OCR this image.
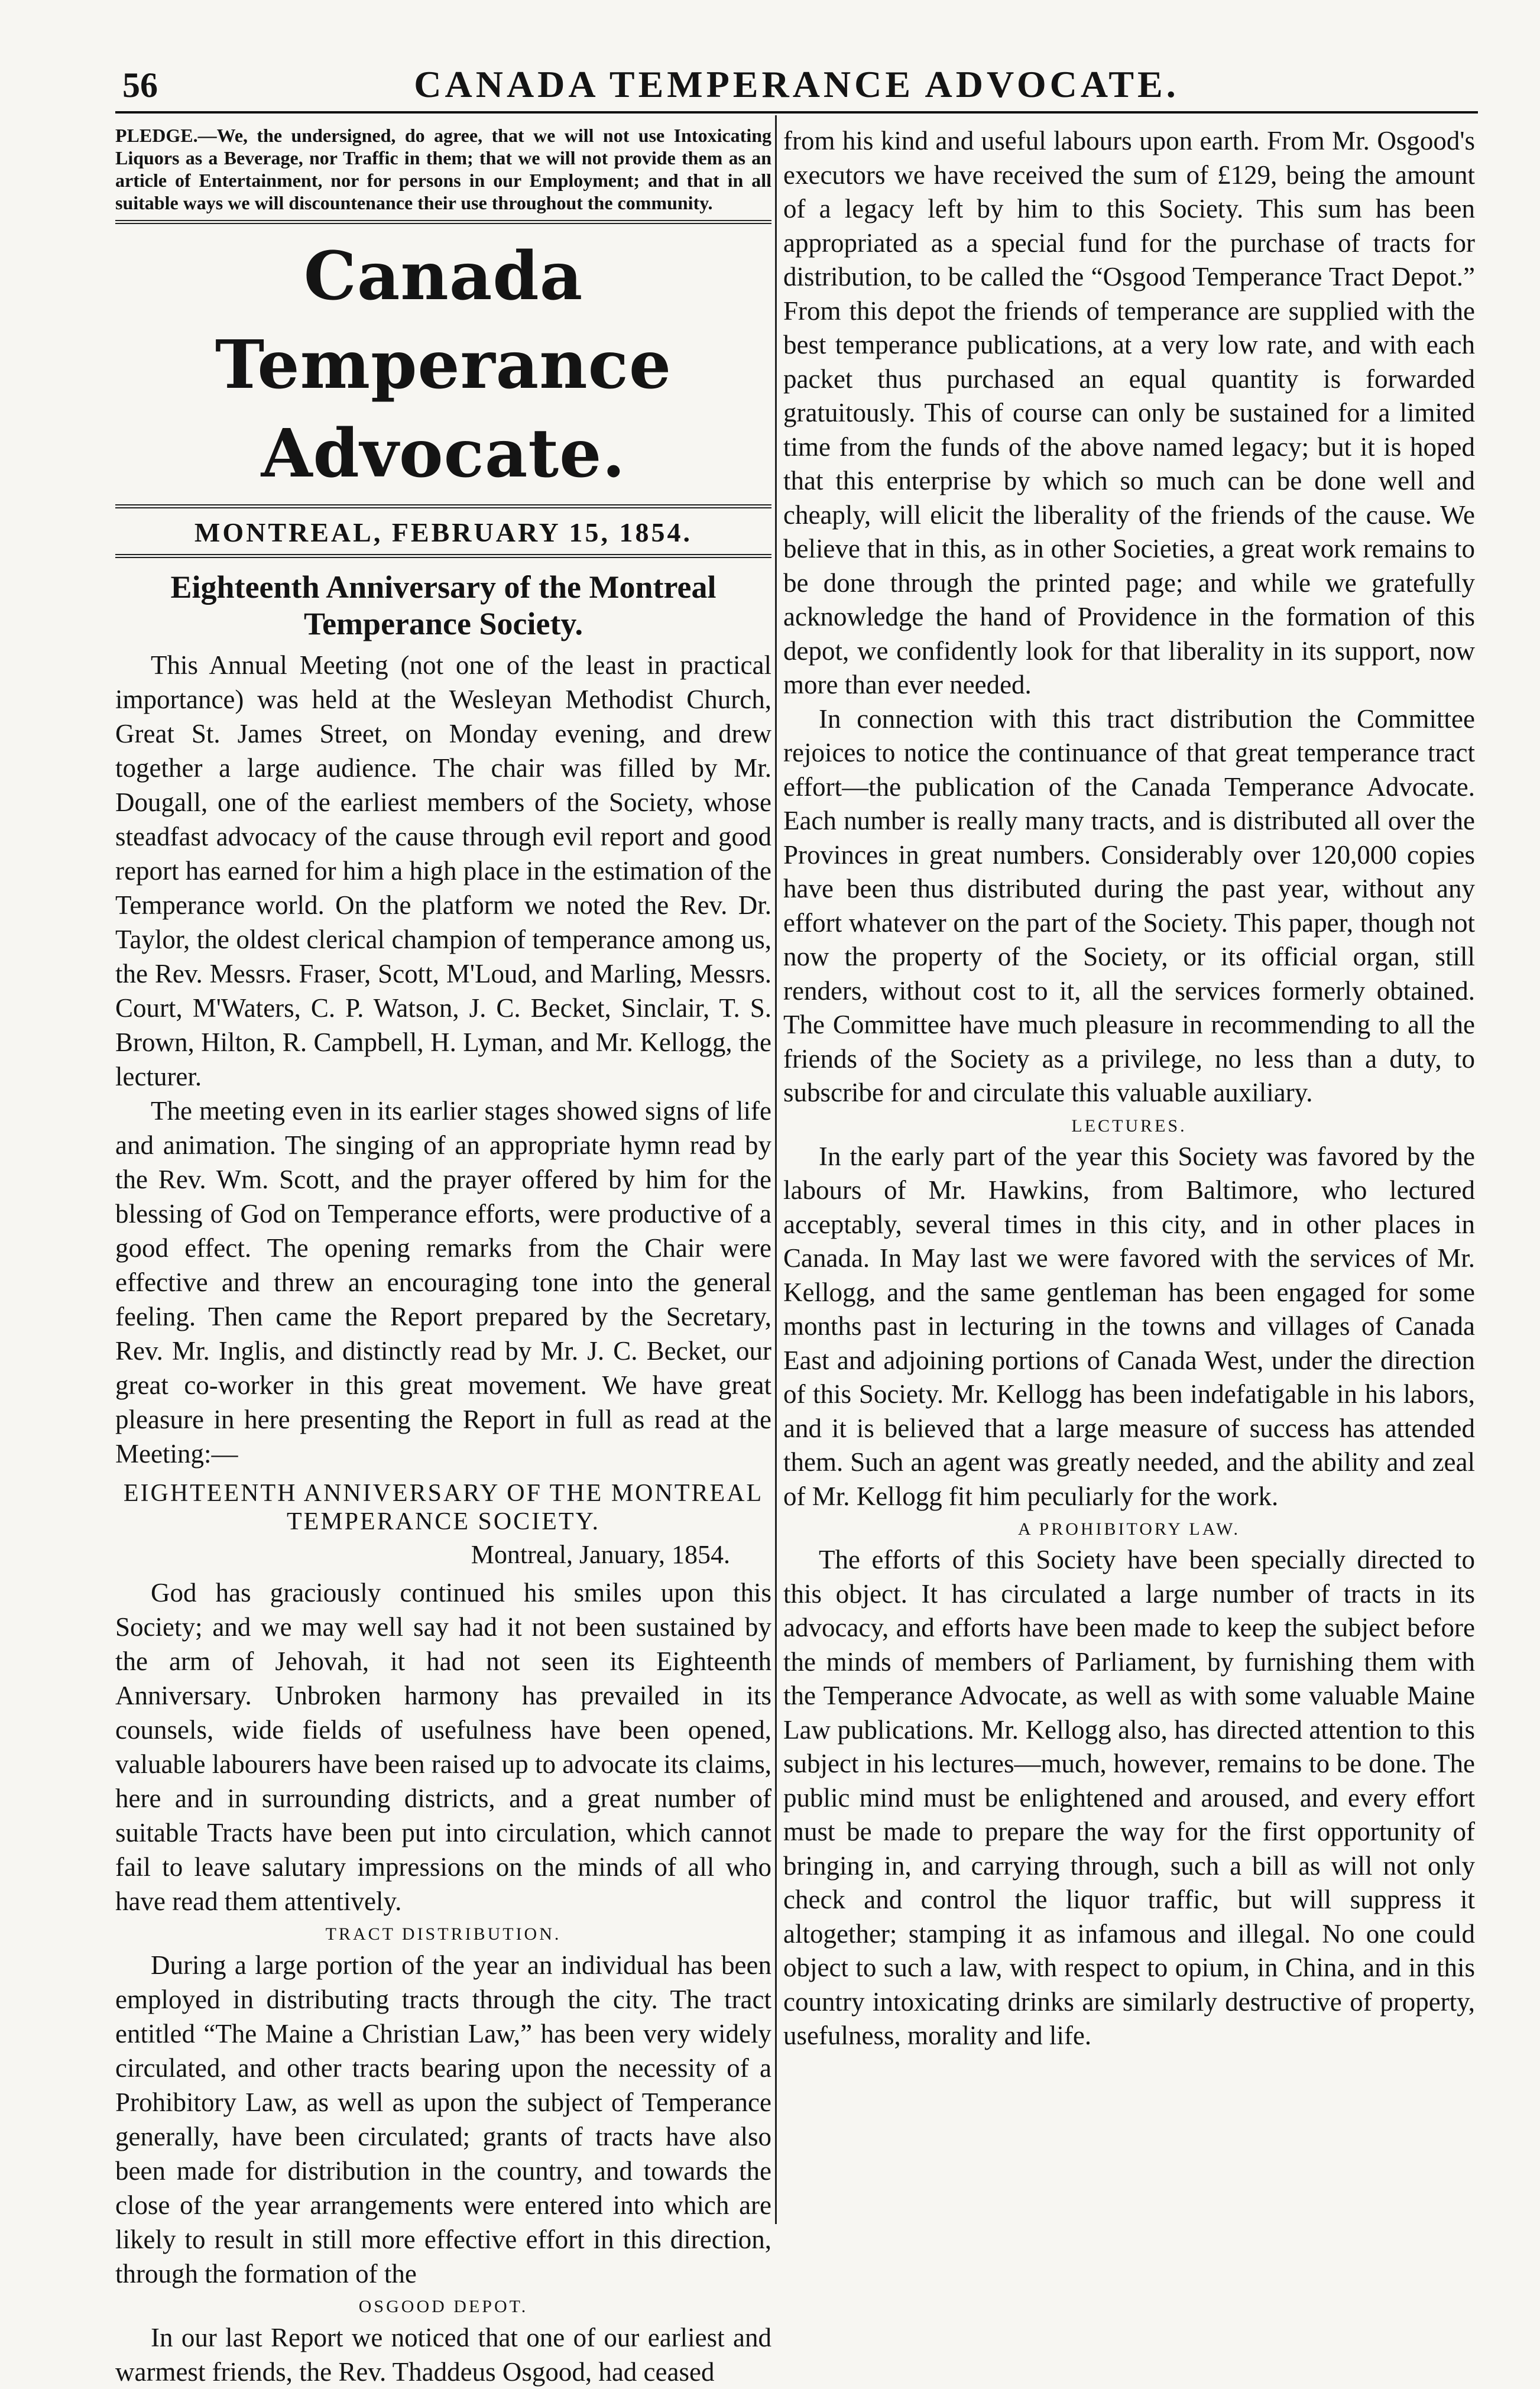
56	CANADA TEMPERANCE ADVOCATE.
PLEDGE.—We, the undersigned, do agree, that we will not use Intoxicating Liquors as a Beverage, nor Traffic in them; that we will not provide them as an article of Entertainment, nor for persons in our Employment; and that in all suitable ways we will discountenance their use throughout the community.
Canada Temperance Advocate.
MONTREAL, FEBRUARY 15, 1854.
Eighteenth Anniversary of the Montreal Temperance Society.

This Annual Meeting (not one of the least in practical importance) was held at the Wesleyan Methodist Church, Great St. James Street, on Monday evening, and drew together a large audience. The chair was filled by Mr. Dougall, one of the earliest members of the Society, whose steadfast advocacy of the cause through evil report and good report has earned for him a high place in the estimation of the Temperance world. On the platform we noted the Rev. Dr. Taylor, the oldest clerical champion of temperance among us, the Rev. Messrs. Fraser, Scott, M'Loud, and Marling, Messrs. Court, M'Waters, C. P. Watson, J. C. Becket, Sinclair, T. S. Brown, Hilton, R. Campbell, H. Lyman, and Mr. Kellogg, the lecturer.

The meeting even in its earlier stages showed signs of life and animation. The singing of an appropriate hymn read by the Rev. Wm. Scott, and the prayer offered by him for the blessing of God on Temperance efforts, were productive of a good effect. The opening remarks from the Chair were effective and threw an encouraging tone into the general feeling. Then came the Report prepared by the Secretary, Rev. Mr. Inglis, and distinctly read by Mr. J. C. Becket, our great co-worker in this great movement. We have great pleasure in here presenting the Report in full as read at the Meeting:—

EIGHTEENTH ANNIVERSARY OF THE MONTREAL TEMPERANCE SOCIETY.
Montreal, January, 1854.

God has graciously continued his smiles upon this Society; and we may well say had it not been sustained by the arm of Jehovah, it had not seen its Eighteenth Anniversary. Unbroken harmony has prevailed in its counsels, wide fields of usefulness have been opened, valuable labourers have been raised up to advocate its claims, here and in surrounding districts, and a great number of suitable Tracts have been put into circulation, which cannot fail to leave salutary impressions on the minds of all who have read them attentively.

TRACT DISTRIBUTION.

During a large portion of the year an individual has been employed in distributing tracts through the city. The tract entitled “The Maine a Christian Law,” has been very widely circulated, and other tracts bearing upon the necessity of a Prohibitory Law, as well as upon the subject of Temperance generally, have been circulated; grants of tracts have also been made for distribution in the country, and towards the close of the year arrangements were entered into which are likely to result in still more effective effort in this direction, through the formation of the

OSGOOD DEPOT.

In our last Report we noticed that one of our earliest and warmest friends, the Rev. Thaddeus Osgood, had ceased

from his kind and useful labours upon earth. From Mr. Osgood's executors we have received the sum of £129, being the amount of a legacy left by him to this Society. This sum has been appropriated as a special fund for the purchase of tracts for distribution, to be called the “Osgood Temperance Tract Depot.” From this depot the friends of temperance are supplied with the best temperance publications, at a very low rate, and with each packet thus purchased an equal quantity is forwarded gratuitously. This of course can only be sustained for a limited time from the funds of the above named legacy; but it is hoped that this enterprise by which so much can be done well and cheaply, will elicit the liberality of the friends of the cause. We believe that in this, as in other Societies, a great work remains to be done through the printed page; and while we gratefully acknowledge the hand of Providence in the formation of this depot, we confidently look for that liberality in its support, now more than ever needed.

In connection with this tract distribution the Committee rejoices to notice the continuance of that great temperance tract effort—the publication of the Canada Temperance Advocate. Each number is really many tracts, and is distributed all over the Provinces in great numbers. Considerably over 120,000 copies have been thus distributed during the past year, without any effort whatever on the part of the Society. This paper, though not now the property of the Society, or its official organ, still renders, without cost to it, all the services formerly obtained. The Committee have much pleasure in recommending to all the friends of the Society as a privilege, no less than a duty, to subscribe for and circulate this valuable auxiliary.

LECTURES.

In the early part of the year this Society was favored by the labours of Mr. Hawkins, from Baltimore, who lectured acceptably, several times in this city, and in other places in Canada. In May last we were favored with the services of Mr. Kellogg, and the same gentleman has been engaged for some months past in lecturing in the towns and villages of Canada East and adjoining portions of Canada West, under the direction of this Society. Mr. Kellogg has been indefatigable in his labors, and it is believed that a large measure of success has attended them. Such an agent was greatly needed, and the ability and zeal of Mr. Kellogg fit him peculiarly for the work.

A PROHIBITORY LAW.

The efforts of this Society have been specially directed to this object. It has circulated a large number of tracts in its advocacy, and efforts have been made to keep the subject before the minds of members of Parliament, by furnishing them with the Temperance Advocate, as well as with some valuable Maine Law publications. Mr. Kellogg also, has directed attention to this subject in his lectures—much, however, remains to be done. The public mind must be enlightened and aroused, and every effort must be made to prepare the way for the first opportunity of bringing in, and carrying through, such a bill as will not only check and control the liquor traffic, but will suppress it altogether; stamping it as infamous and illegal. No one could object to such a law, with respect to opium, in China, and in this country intoxicating drinks are similarly destructive of property, usefulness, morality and life.
